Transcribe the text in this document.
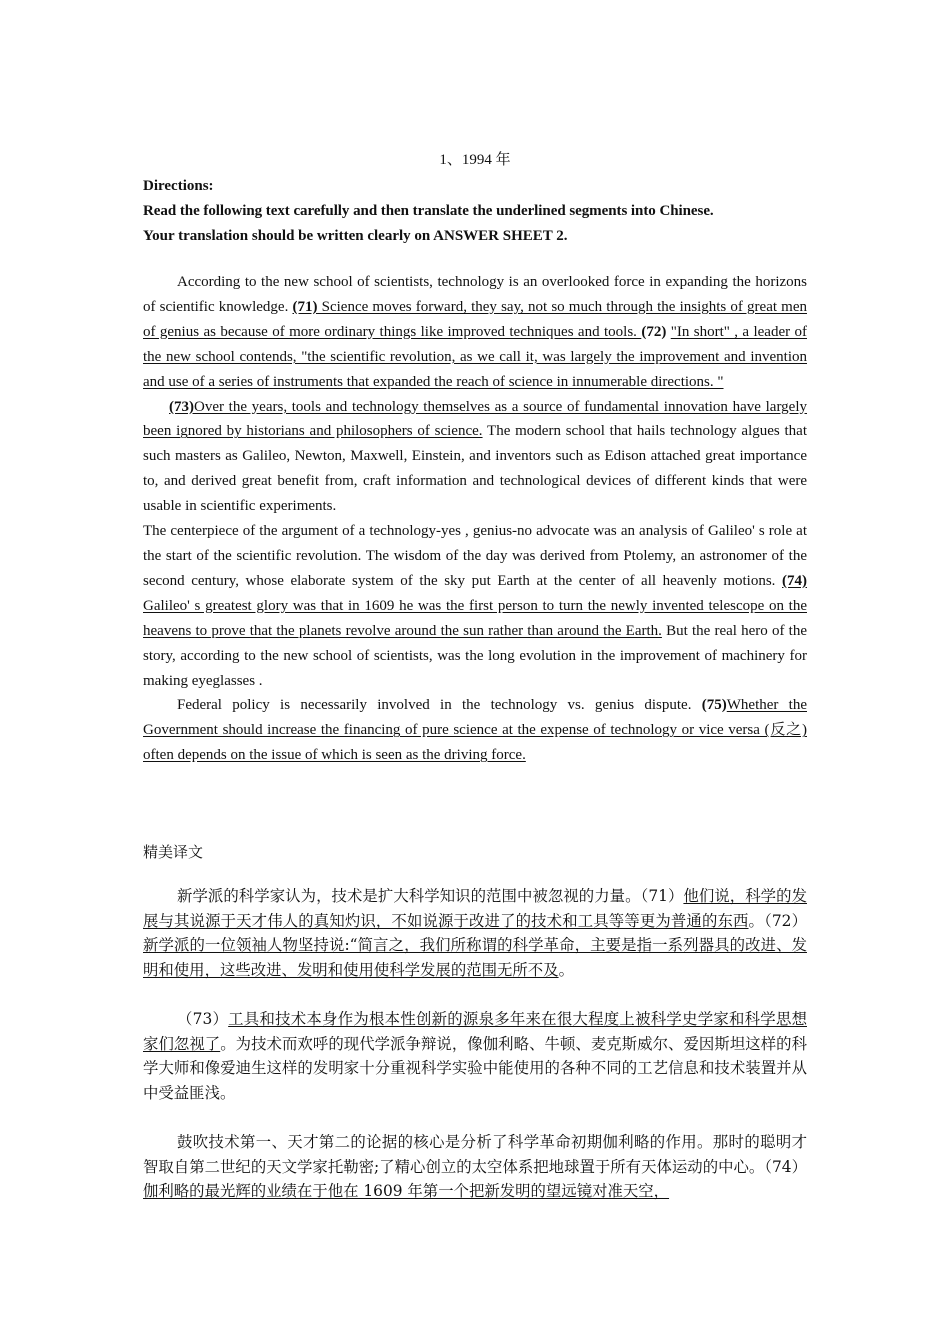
1、1994 年
Directions:
Read the following text carefully and then translate the underlined segments into Chinese.
Your translation should be written clearly on ANSWER SHEET 2.

According to the new school of scientists, technology is an overlooked force in expanding the horizons of scientific knowledge. (71) Science moves forward, they say, not so much through the insights of great men of genius as because of more ordinary things like improved techniques and tools. (72) "In short" , a leader of the new school contends, "the scientific revolution, as we call it, was largely the improvement and invention and use of a series of instruments that expanded the reach of science in innumerable directions. "

(73)Over the years, tools and technology themselves as a source of fundamental innovation have largely been ignored by historians and philosophers of science. The modern school that hails technology algues that such masters as Galileo, Newton, Maxwell, Einstein, and inventors such as Edison attached great importance to, and derived great benefit from, craft information and technological devices of different kinds that were usable in scientific experiments.

The centerpiece of the argument of a technology-yes , genius-no advocate was an analysis of Galileo' s role at the start of the scientific revolution. The wisdom of the day was derived from Ptolemy, an astronomer of the second century, whose elaborate system of the sky put Earth at the center of all heavenly motions. (74) Galileo' s greatest glory was that in 1609 he was the first person to turn the newly invented telescope on the heavens to prove that the planets revolve around the sun rather than around the Earth. But the real hero of the story, according to the new school of scientists, was the long evolution in the improvement of machinery for making eyeglasses .

Federal policy is necessarily involved in the technology vs. genius dispute. (75)Whether the Government should increase the financing of pure science at the expense of technology or vice versa (反之) often depends on the issue of which is seen as the driving force.

精美译文

新学派的科学家认为，技术是扩大科学知识的范围中被忽视的力量。（71）他们说，科学的发展与其说源于天才伟人的真知灼识，不如说源于改进了的技术和工具等等更为普通的东西。（72）新学派的一位领袖人物坚持说:“简言之，我们所称谓的科学革命，主要是指一系列器具的改进、发明和使用，这些改进、发明和使用使科学发展的范围无所不及。

（73）工具和技术本身作为根本性创新的源泉多年来在很大程度上被科学史学家和科学思想家们忽视了。为技术而欢呼的现代学派争辩说，像伽利略、牛顿、麦克斯威尔、爱因斯坦这样的科学大师和像爱迪生这样的发明家十分重视科学实验中能使用的各种不同的工艺信息和技术装置并从中受益匪浅。

鼓吹技术第一、天才第二的论据的核心是分析了科学革命初期伽利略的作用。那时的聪明才智取自第二世纪的天文学家托勒密;了精心创立的太空体系把地球置于所有天体运动的中心。（74）伽利略的最光辉的业绩在于他在 1609 年第一个把新发明的望远镜对准天空，
